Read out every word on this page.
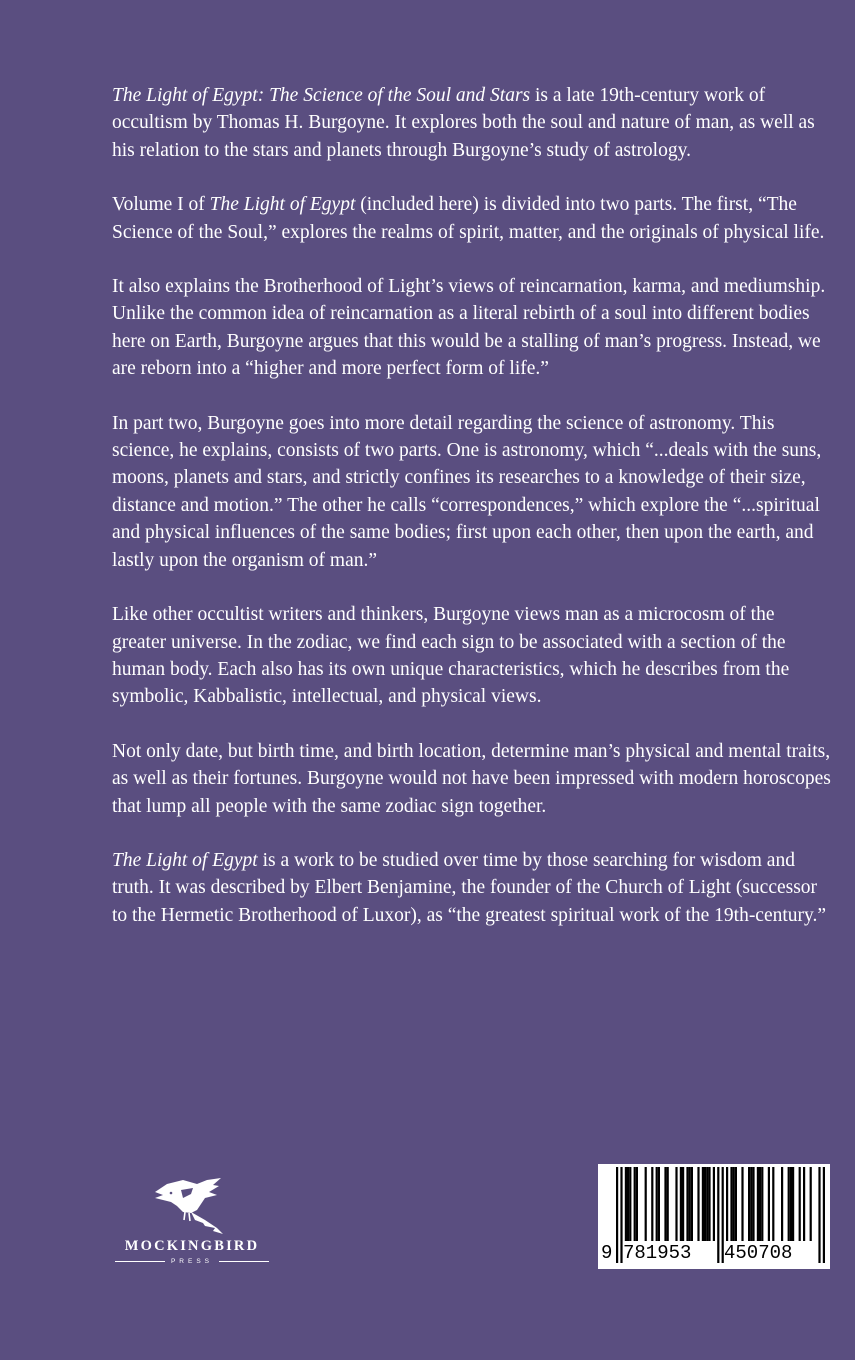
The Light of Egypt: The Science of the Soul and Stars is a late 19th-century work of occultism by Thomas H. Burgoyne. It explores both the soul and nature of man, as well as his relation to the stars and planets through Burgoyne’s study of astrology.

Volume I of The Light of Egypt (included here) is divided into two parts. The first, “The Science of the Soul,” explores the realms of spirit, matter, and the originals of physical life.

It also explains the Brotherhood of Light’s views of reincarnation, karma, and mediumship. Unlike the common idea of reincarnation as a literal rebirth of a soul into different bodies here on Earth, Burgoyne argues that this would be a stalling of man’s progress. Instead, we are reborn into a “higher and more perfect form of life.”

In part two, Burgoyne goes into more detail regarding the science of astronomy. This science, he explains, consists of two parts. One is astronomy, which “...deals with the suns, moons, planets and stars, and strictly confines its researches to a knowledge of their size, distance and motion.” The other he calls “correspondences,” which explore the “...spiritual and physical influences of the same bodies; first upon each other, then upon the earth, and lastly upon the organism of man.”

Like other occultist writers and thinkers, Burgoyne views man as a microcosm of the greater universe. In the zodiac, we find each sign to be associated with a section of the human body. Each also has its own unique characteristics, which he describes from the symbolic, Kabbalistic, intellectual, and physical views.

Not only date, but birth time, and birth location, determine man’s physical and mental traits, as well as their fortunes. Burgoyne would not have been impressed with modern horoscopes that lump all people with the same zodiac sign together.

The Light of Egypt is a work to be studied over time by those searching for wisdom and truth. It was described by Elbert Benjamine, the founder of the Church of Light (successor to the Hermetic Brotherhood of Luxor), as “the greatest spiritual work of the 19th-century.”

MOCKINGBIRD
PRESS	9 781953 450708
